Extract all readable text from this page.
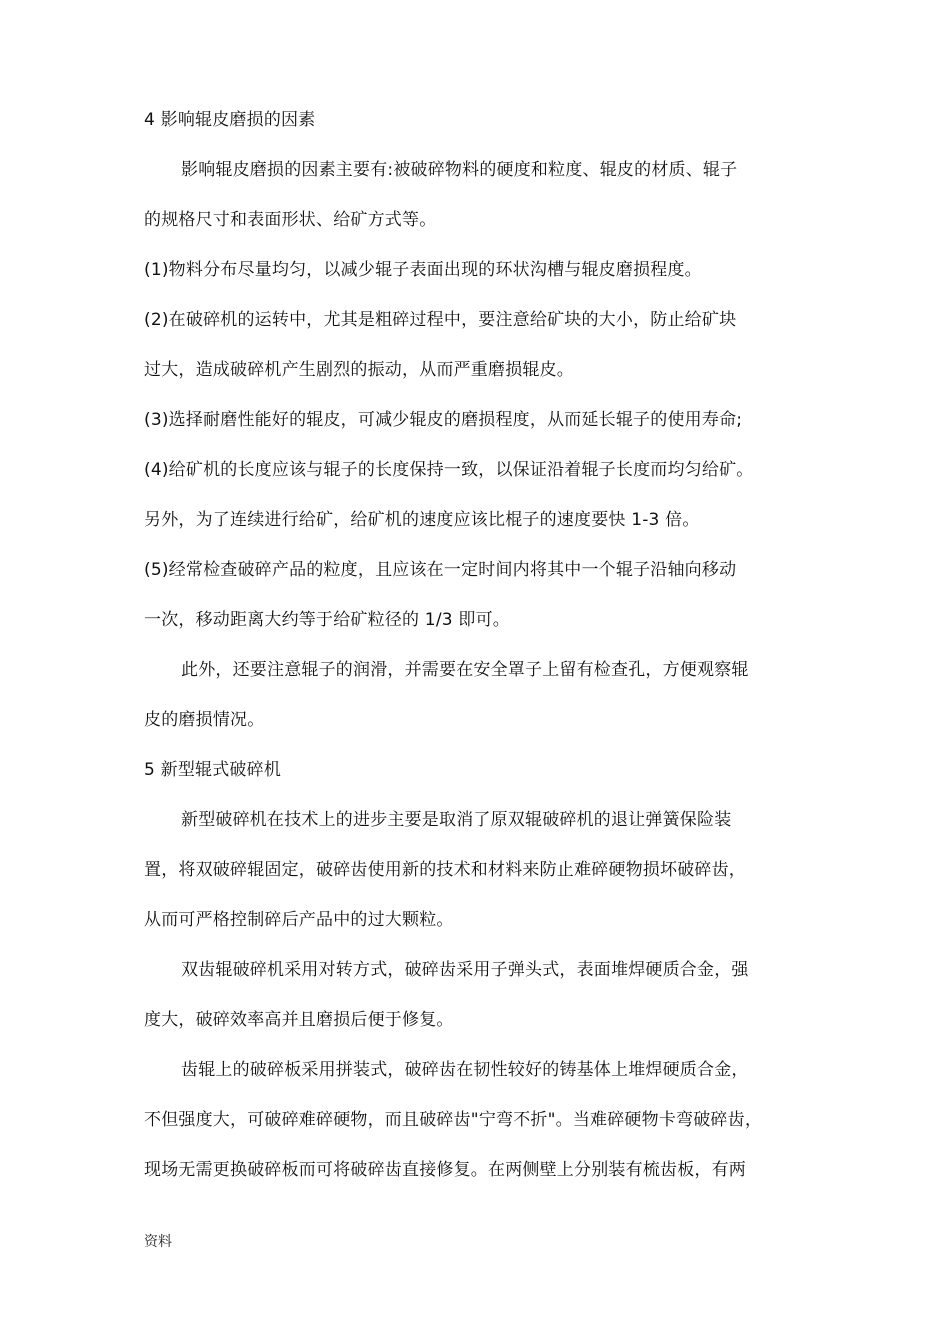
4 影响辊皮磨损的因素
影响辊皮磨损的因素主要有:被破碎物料的硬度和粒度、辊皮的材质、辊子
的规格尺寸和表面形状、给矿方式等。
(1)物料分布尽量均匀，以减少辊子表面出现的环状沟槽与辊皮磨损程度。
(2)在破碎机的运转中，尤其是粗碎过程中，要注意给矿块的大小，防止给矿块
过大，造成破碎机产生剧烈的振动，从而严重磨损辊皮。
(3)选择耐磨性能好的辊皮，可减少辊皮的磨损程度，从而延长辊子的使用寿命;
(4)给矿机的长度应该与辊子的长度保持一致，以保证沿着辊子长度而均匀给矿。
另外，为了连续进行给矿，给矿机的速度应该比棍子的速度要快 1-3 倍。
(5)经常检查破碎产品的粒度，且应该在一定时间内将其中一个辊子沿轴向移动
一次，移动距离大约等于给矿粒径的 1/3 即可。
此外，还要注意辊子的润滑，并需要在安全罩子上留有检查孔，方便观察辊
皮的磨损情况。
5 新型辊式破碎机
新型破碎机在技术上的进步主要是取消了原双辊破碎机的退让弹簧保险装
置，将双破碎辊固定，破碎齿使用新的技术和材料来防止难碎硬物损坏破碎齿，
从而可严格控制碎后产品中的过大颗粒。
双齿辊破碎机采用对转方式，破碎齿采用子弹头式，表面堆焊硬质合金，强
度大，破碎效率高并且磨损后便于修复。
齿辊上的破碎板采用拼装式，破碎齿在韧性较好的铸基体上堆焊硬质合金，
不但强度大，可破碎难碎硬物，而且破碎齿"宁弯不折"。当难碎硬物卡弯破碎齿，
现场无需更换破碎板而可将破碎齿直接修复。在两侧壁上分别装有梳齿板，有两
资料
